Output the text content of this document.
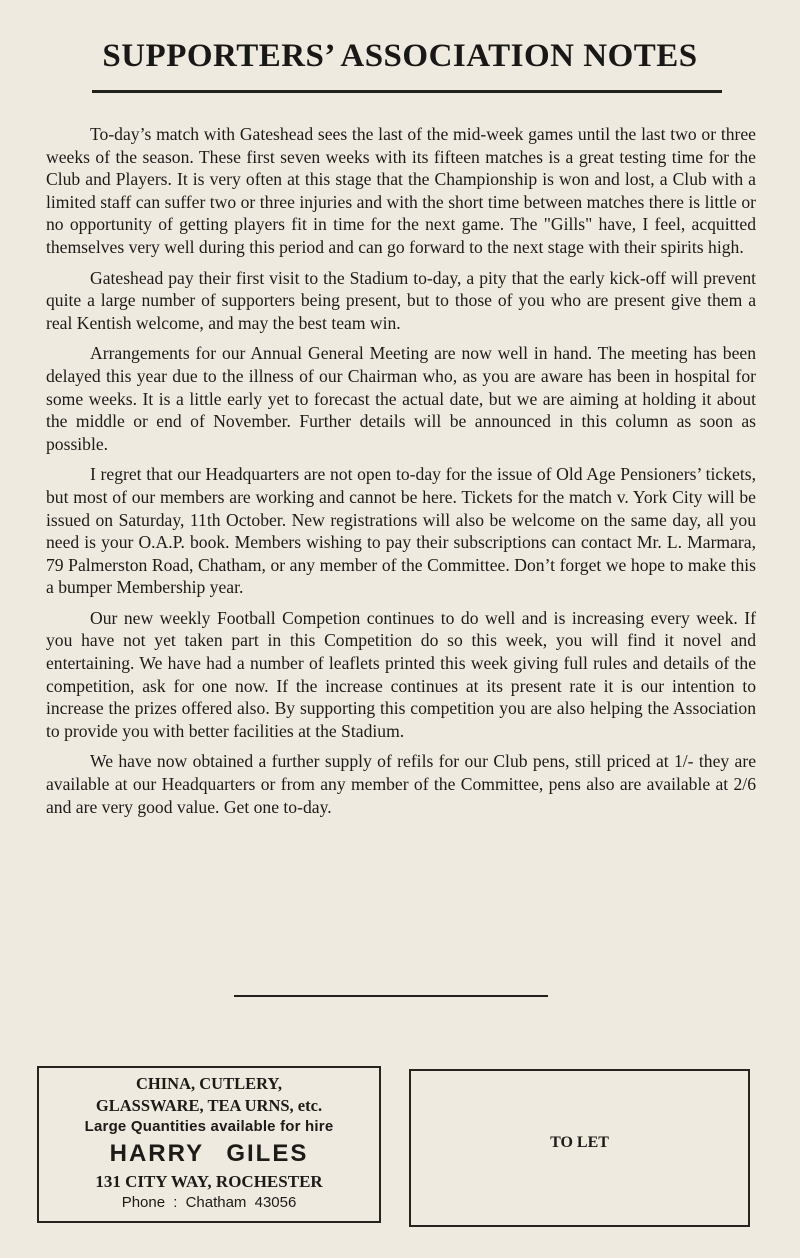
SUPPORTERS’ ASSOCIATION NOTES

To-day’s match with Gateshead sees the last of the mid-week games until the last two or three weeks of the season. These first seven weeks with its fifteen matches is a great testing time for the Club and Players. It is very often at this stage that the Championship is won and lost, a Club with a limited staff can suffer two or three injuries and with the short time between matches there is little or no opportunity of getting players fit in time for the next game. The "Gills" have, I feel, acquitted themselves very well during this period and can go forward to the next stage with their spirits high.

Gateshead pay their first visit to the Stadium to-day, a pity that the early kick-off will prevent quite a large number of supporters being present, but to those of you who are present give them a real Kentish welcome, and may the best team win.

Arrangements for our Annual General Meeting are now well in hand. The meeting has been delayed this year due to the illness of our Chairman who, as you are aware has been in hospital for some weeks. It is a little early yet to forecast the actual date, but we are aiming at holding it about the middle or end of November. Further details will be announced in this column as soon as possible.

I regret that our Headquarters are not open to-day for the issue of Old Age Pensioners’ tickets, but most of our members are working and cannot be here. Tickets for the match v. York City will be issued on Saturday, 11th October. New registrations will also be welcome on the same day, all you need is your O.A.P. book. Members wishing to pay their subscriptions can contact Mr. L. Marmara, 79 Palmerston Road, Chatham, or any member of the Committee. Don’t forget we hope to make this a bumper Membership year.

Our new weekly Football Competion continues to do well and is increasing every week. If you have not yet taken part in this Competition do so this week, you will find it novel and entertaining. We have had a number of leaflets printed this week giving full rules and details of the competition, ask for one now. If the increase continues at its present rate it is our intention to increase the prizes offered also. By supporting this competition you are also helping the Association to provide you with better facilities at the Stadium.

We have now obtained a further supply of refils for our Club pens, still priced at 1/- they are available at our Headquarters or from any member of the Committee, pens also are available at 2/6 and are very good value. Get one to-day.

CHINA, CUTLERY,
GLASSWARE, TEA URNS, etc.
Large Quantities available for hire
HARRY GILES
131 CITY WAY, ROCHESTER
Phone : Chatham 43056
TO LET
